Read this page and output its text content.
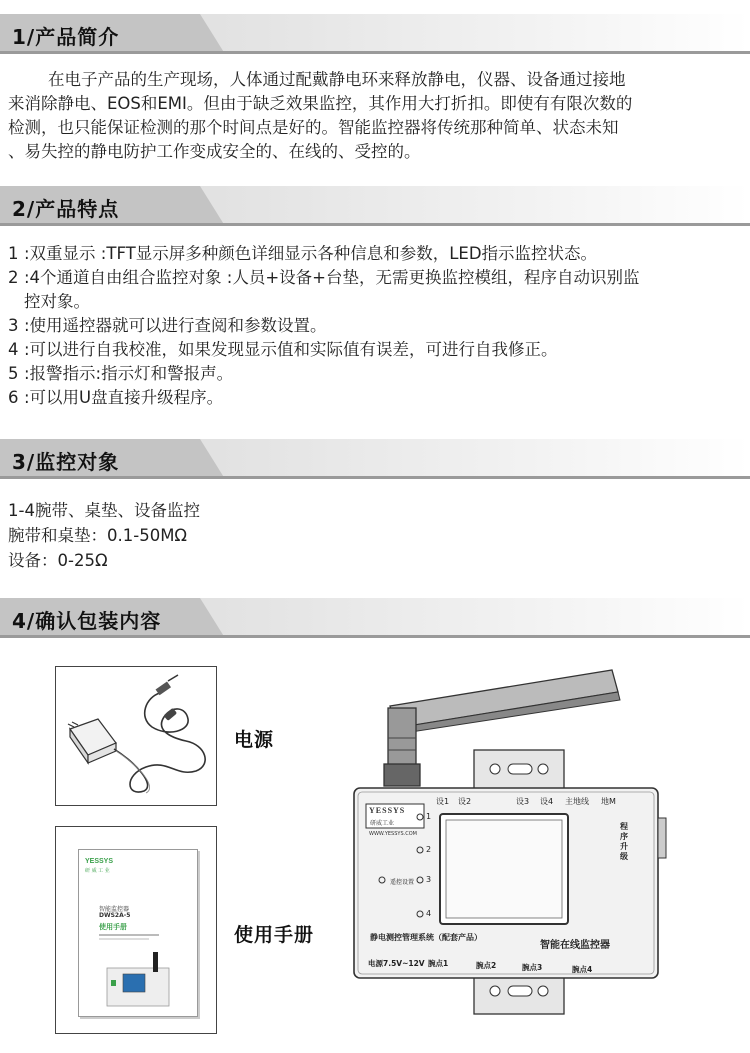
1/产品简介
在电子产品的生产现场，人体通过配戴静电环来释放静电，仪器、设备通过接地
来消除静电、EOS和EMI。但由于缺乏效果监控，其作用大打折扣。即使有有限次数的
检测，也只能保证检测的那个时间点是好的。智能监控器将传统那种简单、状态未知
、易失控的静电防护工作变成安全的、在线的、受控的。
2/产品特点
1 :双重显示 :TFT显示屏多种颜色详细显示各种信息和参数，LED指示监控状态。
2 :4个通道自由组合监控对象 :人员+设备+台垫，无需更换监控模组，程序自动识别监
控对象。
3 :使用遥控器就可以进行查阅和参数设置。
4 :可以进行自我校准，如果发现显示值和实际值有误差，可进行自我修正。
5 :报警指示:指示灯和警报声。
6 :可以用U盘直接升级程序。
3/监控对象
1-4腕带、桌垫、设备监控
腕带和桌垫：0.1-50MΩ
设备：0-25Ω
4/确认包装内容
电源
YESSYS
研 威 工 业
智能监控器
DWS2A-5
使用手册	使用手册
YESSYS
研威工业
WWW.YESSYS.COM
设1 设2	设3 设4 主地线 地M
1
2
3
4
遥控设置
程
序
升
级
静电测控管理系统（配套产品）
智能在线监控器
电源7.5V~12V 腕点1	腕点2	腕点3	腕点4
